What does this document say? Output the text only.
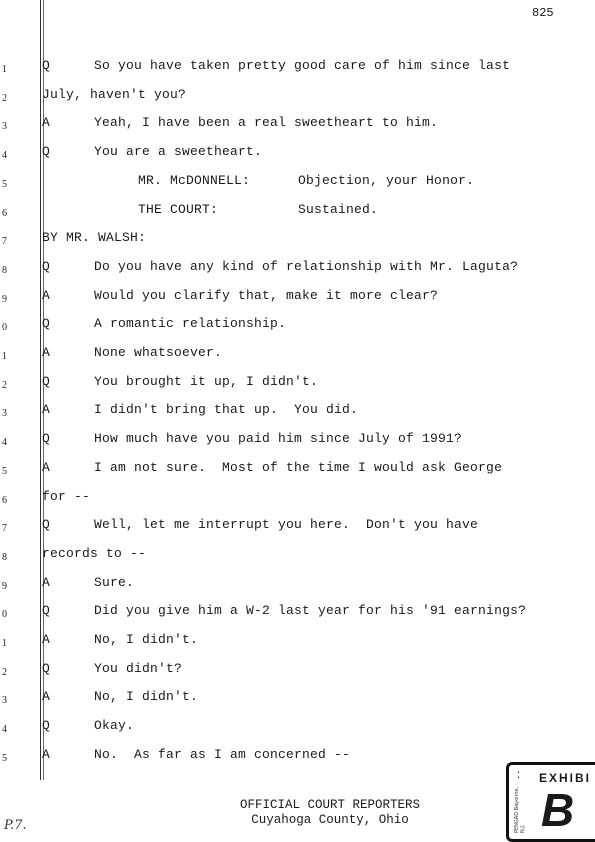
825
1	Q	So you have taken pretty good care of him since last
2	July, haven't you?
3	A	Yeah, I have been a real sweetheart to him.
4	Q	You are a sweetheart.
5	MR. McDONNELL:      Objection, your Honor.
6	THE COURT:          Sustained.
7	BY MR. WALSH:
8	Q	Do you have any kind of relationship with Mr. Laguta?
9	A	Would you clarify that, make it more clear?
0	Q	A romantic relationship.
1	A	None whatsoever.
2	Q	You brought it up, I didn't.
3	A	I didn't bring that up.  You did.
4	Q	How much have you paid him since July of 1991?
5	A	I am not sure.  Most of the time I would ask George
6	for --
7	Q	Well, let me interrupt you here.  Don't you have
8	records to --
9	A	Sure.
0	Q	Did you give him a W-2 last year for his '91 earnings?
1	A	No, I didn't.
2	Q	You didn't?
3	A	No, I didn't.
4	Q	Okay.
5	A	No.  As far as I am concerned --
OFFICIAL COURT REPORTERS
Cuyahoga County, Ohio
P.7.
•
•
PENGAD Bayonne, N.J.
EXHIBI
B
